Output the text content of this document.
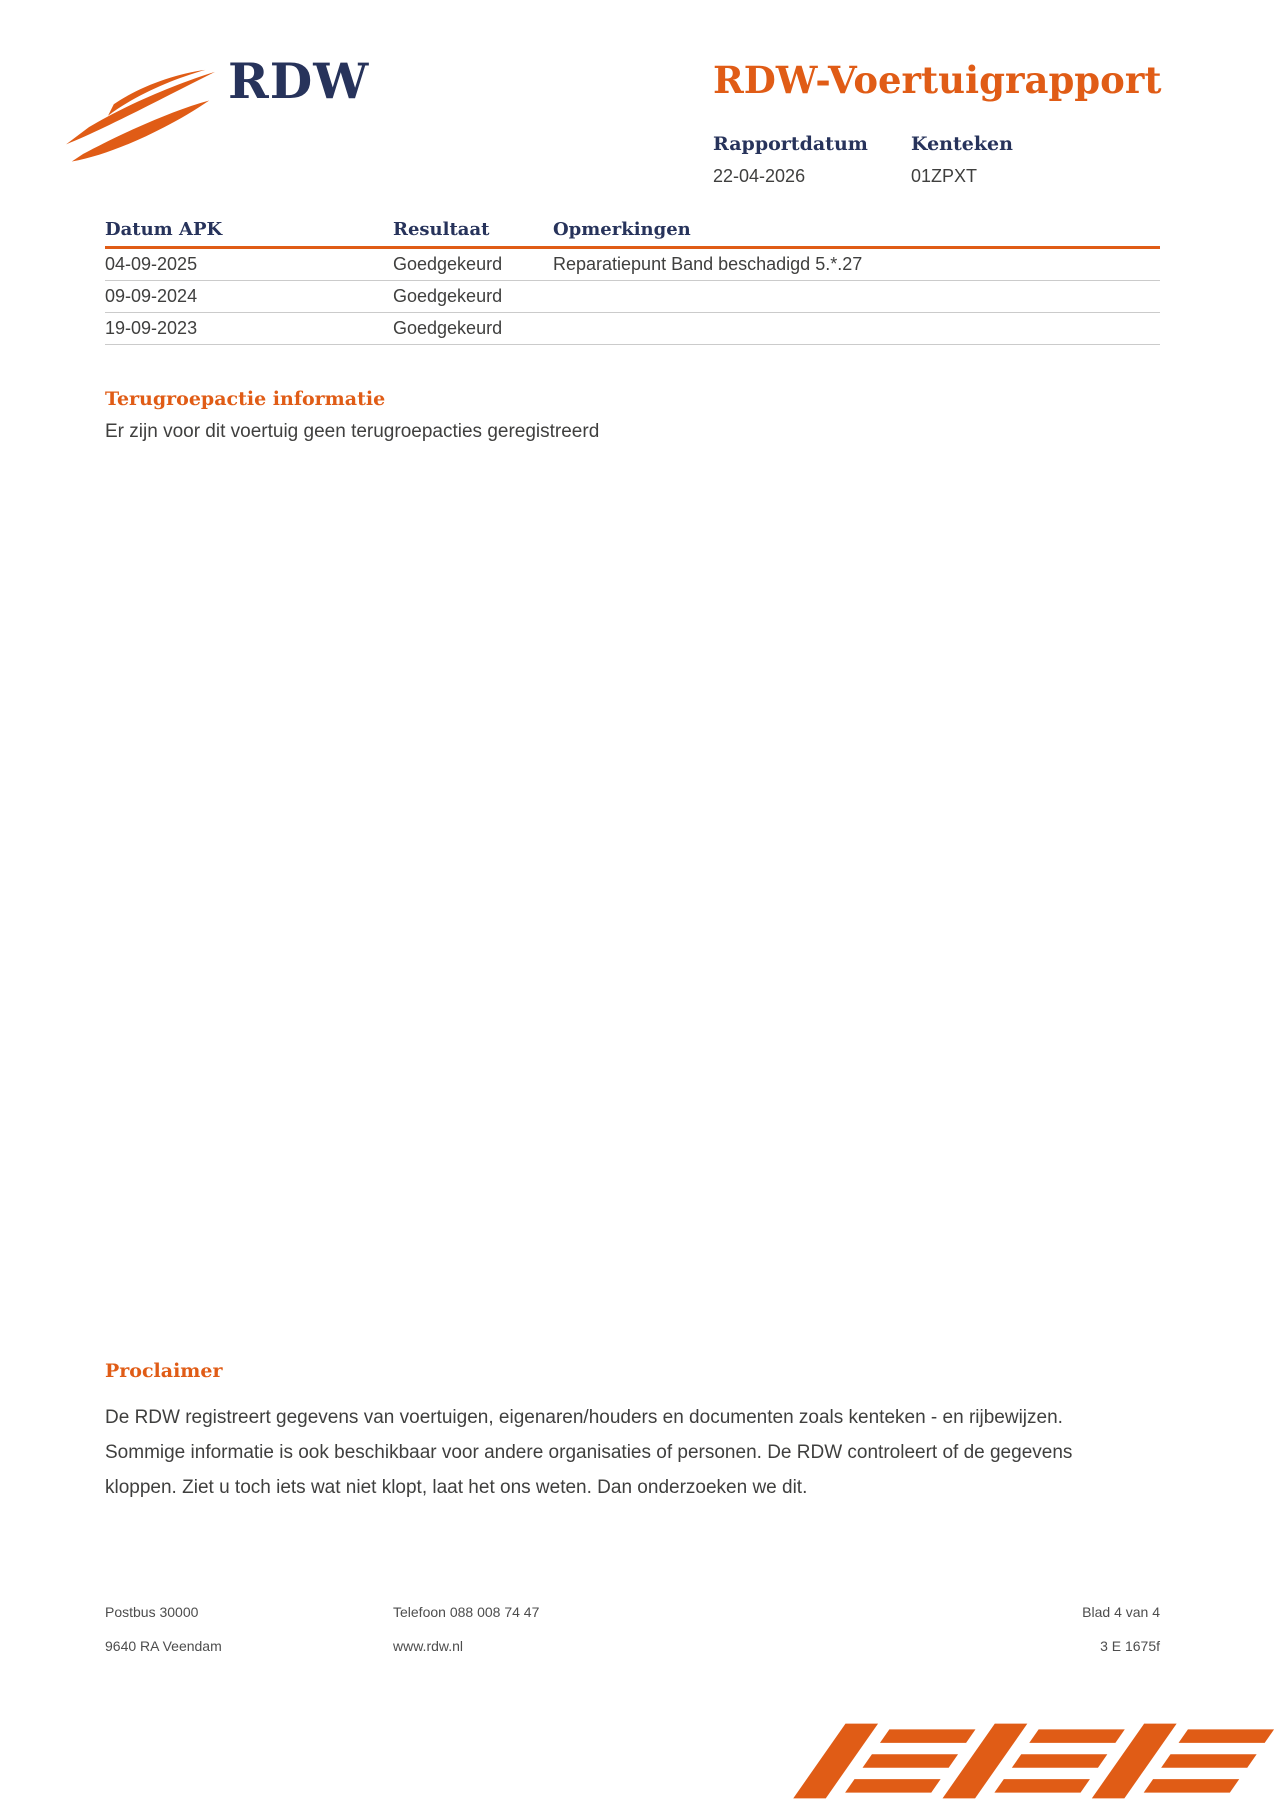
RDW	RDW-Voertuigrapport
Rapportdatum
22-04-2026
Kenteken
01ZPXT
Datum APK	Resultaat	Opmerkingen
04-09-2025	Goedgekeurd	Reparatiepunt Band beschadigd 5.*.27
09-09-2024	Goedgekeurd
19-09-2023	Goedgekeurd
Terugroepactie informatie
Er zijn voor dit voertuig geen terugroepacties geregistreerd
Proclaimer
De RDW registreert gegevens van voertuigen, eigenaren/houders en documenten zoals kenteken - en rijbewijzen. Sommige informatie is ook beschikbaar voor andere organisaties of personen. De RDW controleert of de gegevens kloppen. Ziet u toch iets wat niet klopt, laat het ons weten. Dan onderzoeken we dit.
Postbus 30000
9640 RA Veendam
Telefoon 088 008 74 47
www.rdw.nl
Blad 4 van 4
3 E 1675f
